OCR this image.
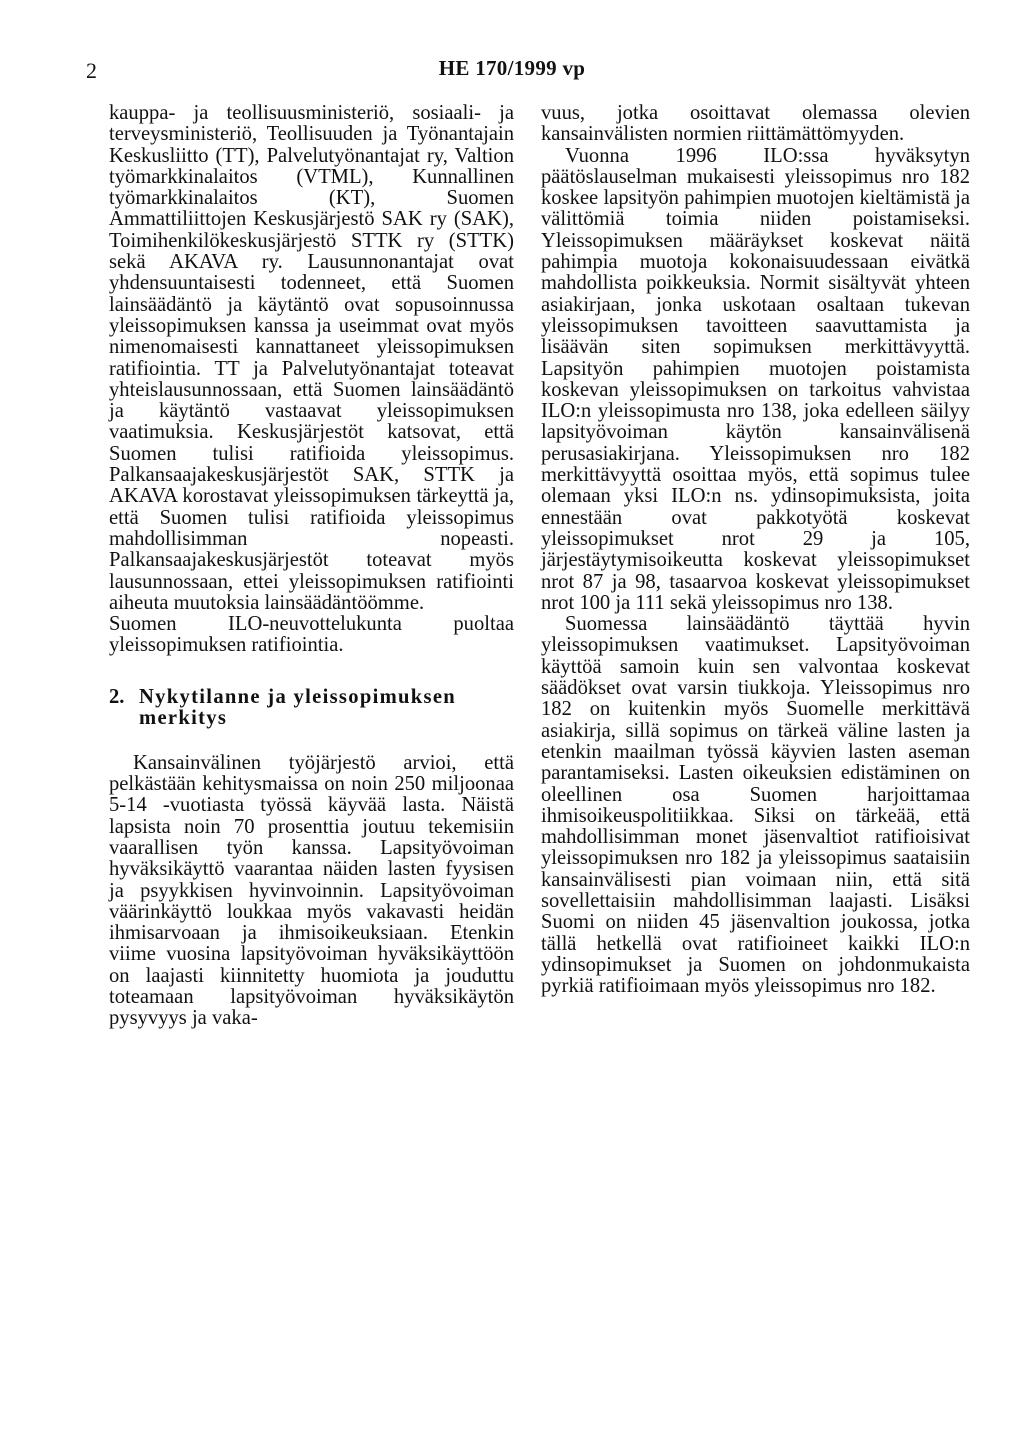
2	HE 170/1999 vp

kauppa- ja teollisuusministeriö, sosiaali- ja terveysministeriö, Teollisuuden ja Työnantajain Keskusliitto (TT), Palvelutyönantajat ry, Valtion työmarkkinalaitos (VTML), Kunnallinen työmarkkinalaitos (KT), Suomen Ammattiliittojen Keskusjärjestö SAK ry (SAK), Toimihenkilökeskusjärjestö STTK ry (STTK) sekä AKAVA ry. Lausunnonantajat ovat yhdensuuntaisesti todenneet, että Suomen lainsäädäntö ja käytäntö ovat sopusoinnussa yleissopimuksen kanssa ja useimmat ovat myös nimenomaisesti kannattaneet yleissopimuksen ratifiointia. TT ja Palvelutyönantajat toteavat yhteislausunnossaan, että Suomen lainsäädäntö ja käytäntö vastaavat yleissopimuksen vaatimuksia. Keskusjärjestöt katsovat, että Suomen tulisi ratifioida yleissopimus. Palkansaajakeskusjärjestöt SAK, STTK ja AKAVA korostavat yleissopimuksen tärkeyttä ja, että Suomen tulisi ratifioida yleissopimus mahdollisimman nopeasti. Palkansaajakeskusjärjestöt toteavat myös lausunnossaan, ettei yleissopimuksen ratifiointi aiheuta muutoksia lainsäädäntöömme.

Suomen ILO-neuvottelukunta puoltaa yleissopimuksen ratifiointia.

2. Nykytilanne ja yleissopimuksen merkitys

Kansainvälinen työjärjestö arvioi, että pelkästään kehitysmaissa on noin 250 miljoonaa 5-14 -vuotiasta työssä käyvää lasta. Näistä lapsista noin 70 prosenttia joutuu tekemisiin vaarallisen työn kanssa. Lapsityövoiman hyväksikäyttö vaarantaa näiden lasten fyysisen ja psyykkisen hyvinvoinnin. Lapsityövoiman väärinkäyttö loukkaa myös vakavasti heidän ihmisarvoaan ja ihmisoikeuksiaan. Etenkin viime vuosina lapsityövoiman hyväksikäyttöön on laajasti kiinnitetty huomiota ja jouduttu toteamaan lapsityövoiman hyväksikäytön pysyvyys ja vaka-

vuus, jotka osoittavat olemassa olevien kansainvälisten normien riittämättömyyden.

Vuonna 1996 ILO:ssa hyväksytyn päätöslauselman mukaisesti yleissopimus nro 182 koskee lapsityön pahimpien muotojen kieltämistä ja välittömiä toimia niiden poistamiseksi. Yleissopimuksen määräykset koskevat näitä pahimpia muotoja kokonaisuudessaan eivätkä mahdollista poikkeuksia. Normit sisältyvät yhteen asiakirjaan, jonka uskotaan osaltaan tukevan yleissopimuksen tavoitteen saavuttamista ja lisäävän siten sopimuksen merkittävyyttä. Lapsityön pahimpien muotojen poistamista koskevan yleissopimuksen on tarkoitus vahvistaa ILO:n yleissopimusta nro 138, joka edelleen säilyy lapsityövoiman käytön kansainvälisenä perusasiakirjana. Yleissopimuksen nro 182 merkittävyyttä osoittaa myös, että sopimus tulee olemaan yksi ILO:n ns. ydinsopimuksista, joita ennestään ovat pakkotyötä koskevat yleissopimukset nrot 29 ja 105, järjestäytymisoikeutta koskevat yleissopimukset nrot 87 ja 98, tasaarvoa koskevat yleissopimukset nrot 100 ja 111 sekä yleissopimus nro 138.

Suomessa lainsäädäntö täyttää hyvin yleissopimuksen vaatimukset. Lapsityövoiman käyttöä samoin kuin sen valvontaa koskevat säädökset ovat varsin tiukkoja. Yleissopimus nro 182 on kuitenkin myös Suomelle merkittävä asiakirja, sillä sopimus on tärkeä väline lasten ja etenkin maailman työssä käyvien lasten aseman parantamiseksi. Lasten oikeuksien edistäminen on oleellinen osa Suomen harjoittamaa ihmisoikeuspolitiikkaa. Siksi on tärkeää, että mahdollisimman monet jäsenvaltiot ratifioisivat yleissopimuksen nro 182 ja yleissopimus saataisiin kansainvälisesti pian voimaan niin, että sitä sovellettaisiin mahdollisimman laajasti. Lisäksi Suomi on niiden 45 jäsenvaltion joukossa, jotka tällä hetkellä ovat ratifioineet kaikki ILO:n ydinsopimukset ja Suomen on johdonmukaista pyrkiä ratifioimaan myös yleissopimus nro 182.
